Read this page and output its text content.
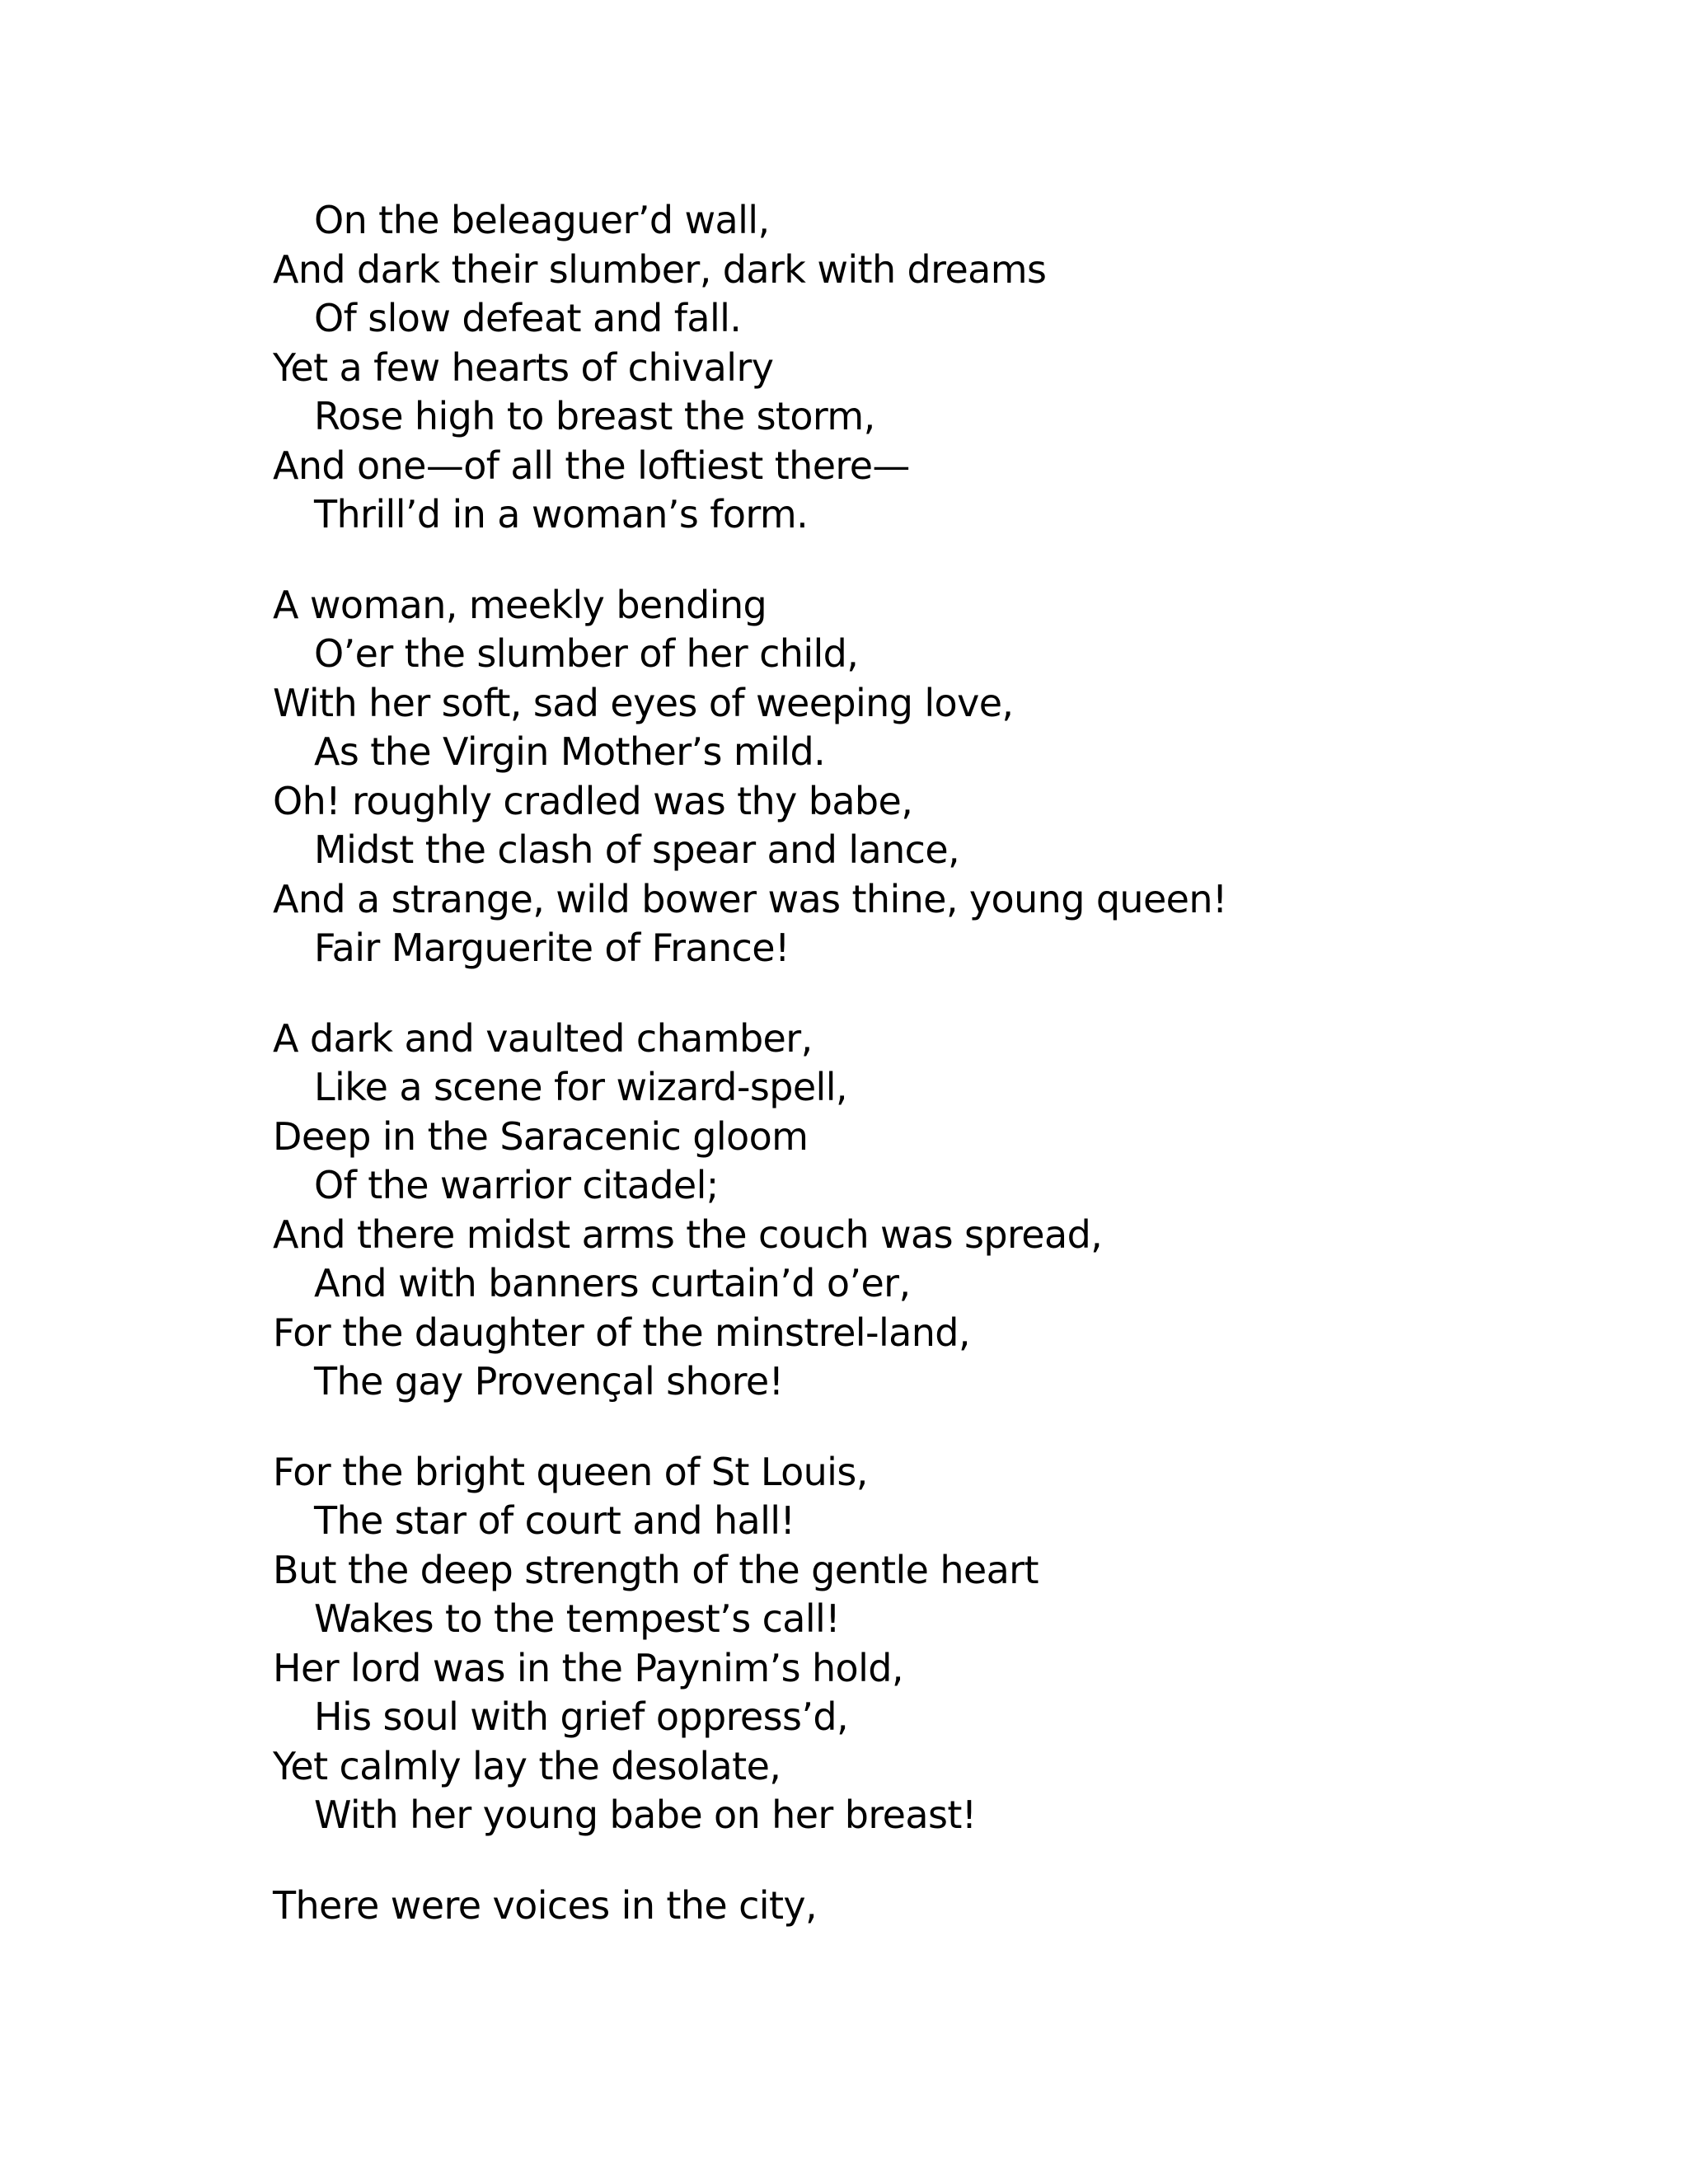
On the beleaguer’d wall,
And dark their slumber, dark with dreams
Of slow defeat and fall.
Yet a few hearts of chivalry
Rose high to breast the storm,
And one—of all the loftiest there—
Thrill’d in a woman’s form.
A woman, meekly bending
O’er the slumber of her child,
With her soft, sad eyes of weeping love,
As the Virgin Mother’s mild.
Oh! roughly cradled was thy babe,
Midst the clash of spear and lance,
And a strange, wild bower was thine, young queen!
Fair Marguerite of France!
A dark and vaulted chamber,
Like a scene for wizard-spell,
Deep in the Saracenic gloom
Of the warrior citadel;
And there midst arms the couch was spread,
And with banners curtain’d o’er,
For the daughter of the minstrel-land,
The gay Provençal shore!
For the bright queen of St Louis,
The star of court and hall!
But the deep strength of the gentle heart
Wakes to the tempest’s call!
Her lord was in the Paynim’s hold,
His soul with grief oppress’d,
Yet calmly lay the desolate,
With her young babe on her breast!
There were voices in the city,
